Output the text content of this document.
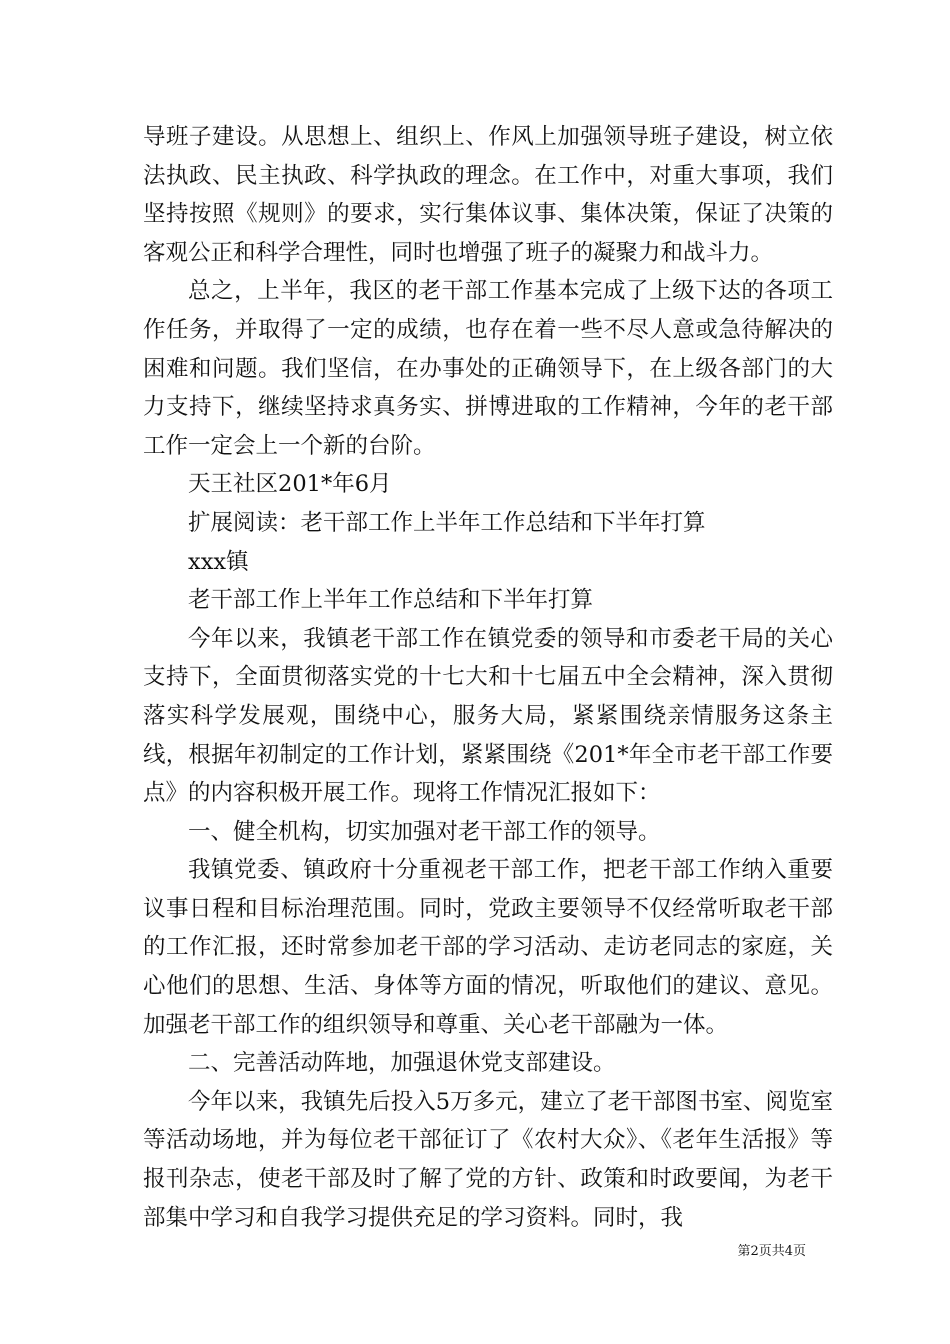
导班子建设。从思想上、组织上、作风上加强领导班子建设，树立依法执政、民主执政、科学执政的理念。在工作中，对重大事项，我们坚持按照《规则》的要求，实行集体议事、集体决策，保证了决策的客观公正和科学合理性，同时也增强了班子的凝聚力和战斗力。

总之，上半年，我区的老干部工作基本完成了上级下达的各项工作任务，并取得了一定的成绩，也存在着一些不尽人意或急待解决的困难和问题。我们坚信，在办事处的正确领导下，在上级各部门的大力支持下，继续坚持求真务实、拼博进取的工作精神，今年的老干部工作一定会上一个新的台阶。

天王社区201*年6月

扩展阅读：老干部工作上半年工作总结和下半年打算

xxx镇

老干部工作上半年工作总结和下半年打算

今年以来，我镇老干部工作在镇党委的领导和市委老干局的关心支持下，全面贯彻落实党的十七大和十七届五中全会精神，深入贯彻落实科学发展观，围绕中心，服务大局，紧紧围绕亲情服务这条主线，根据年初制定的工作计划，紧紧围绕《201*年全市老干部工作要点》的内容积极开展工作。现将工作情况汇报如下：

一、健全机构，切实加强对老干部工作的领导。

我镇党委、镇政府十分重视老干部工作，把老干部工作纳入重要议事日程和目标治理范围。同时，党政主要领导不仅经常听取老干部的工作汇报，还时常参加老干部的学习活动、走访老同志的家庭，关心他们的思想、生活、身体等方面的情况，听取他们的建议、意见。加强老干部工作的组织领导和尊重、关心老干部融为一体。

二、完善活动阵地，加强退休党支部建设。

今年以来，我镇先后投入5万多元，建立了老干部图书室、阅览室等活动场地，并为每位老干部征订了《农村大众》、《老年生活报》等报刊杂志，使老干部及时了解了党的方针、政策和时政要闻，为老干部集中学习和自我学习提供充足的学习资料。同时，我

第2页共4页
